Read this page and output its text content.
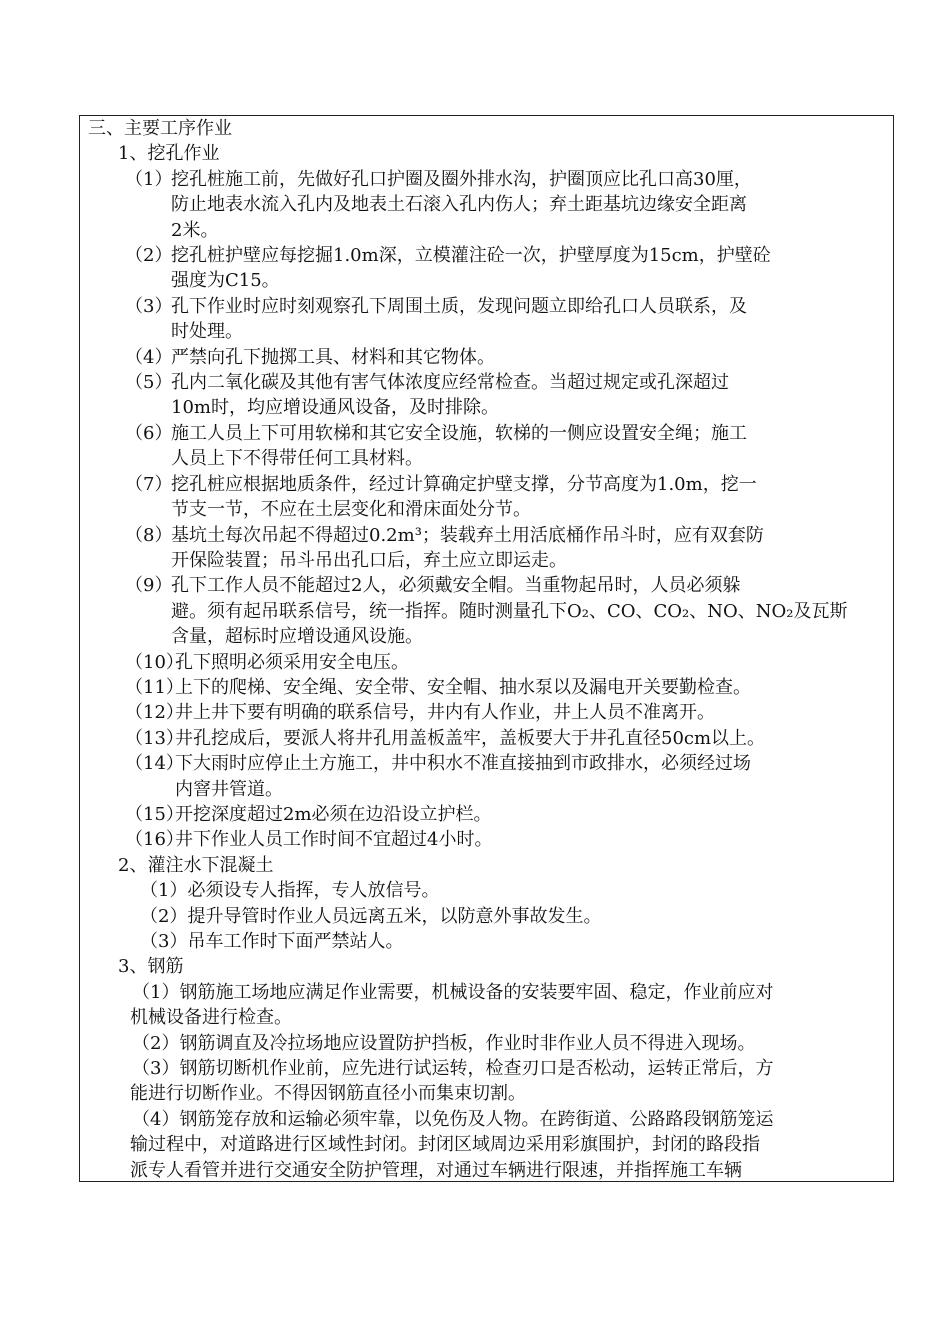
三、主要工序作业
1、挖孔作业
（1）
挖孔桩施工前，先做好孔口护圈及圈外排水沟，护圈顶应比孔口高30厘，
防止地表水流入孔内及地表土石滚入孔内伤人；弃土距基坑边缘安全距离
2米。
（2）
挖孔桩护壁应每挖掘1.0m深，立模灌注砼一次，护壁厚度为15cm，护壁砼
强度为C15。
（3）
孔下作业时应时刻观察孔下周围土质，发现问题立即给孔口人员联系，及
时处理。
（4）
严禁向孔下抛掷工具、材料和其它物体。
（5）
孔内二氧化碳及其他有害气体浓度应经常检查。当超过规定或孔深超过
10m时，均应增设通风设备，及时排除。
（6）
施工人员上下可用软梯和其它安全设施，软梯的一侧应设置安全绳；施工
人员上下不得带任何工具材料。
（7）
挖孔桩应根据地质条件，经过计算确定护壁支撑，分节高度为1.0m，挖一
节支一节，不应在土层变化和滑床面处分节。
（8）
基坑土每次吊起不得超过0.2m³；装载弃土用活底桶作吊斗时，应有双套防
开保险装置；吊斗吊出孔口后，弃土应立即运走。
（9）
孔下工作人员不能超过2人，必须戴安全帽。当重物起吊时，人员必须躲
避。须有起吊联系信号，统一指挥。随时测量孔下O₂、CO、CO₂、NO、NO₂及瓦斯
含量，超标时应增设通风设施。
（10）
孔下照明必须采用安全电压。
（11）
上下的爬梯、安全绳、安全带、安全帽、抽水泵以及漏电开关要勤检查。
（12）
井上井下要有明确的联系信号，井内有人作业，井上人员不准离开。
（13）
井孔挖成后，要派人将井孔用盖板盖牢，盖板要大于井孔直径50cm以上。
（14）
下大雨时应停止土方施工，井中积水不准直接抽到市政排水，必须经过场
内窨井管道。
（15）
开挖深度超过2m必须在边沿设立护栏。
（16）
井下作业人员工作时间不宜超过4小时。
2、灌注水下混凝土
（1）必须设专人指挥，专人放信号。
（2）提升导管时作业人员远离五米，以防意外事故发生。
（3）吊车工作时下面严禁站人。
3、钢筋
（1）钢筋施工场地应满足作业需要，机械设备的安装要牢固、稳定，作业前应对
机械设备进行检查。
（2）钢筋调直及冷拉场地应设置防护挡板，作业时非作业人员不得进入现场。
（3）钢筋切断机作业前，应先进行试运转，检查刃口是否松动，运转正常后，方
能进行切断作业。不得因钢筋直径小而集束切割。
（4）钢筋笼存放和运输必须牢靠，以免伤及人物。在跨街道、公路路段钢筋笼运
输过程中，对道路进行区域性封闭。封闭区域周边采用彩旗围护，封闭的路段指
派专人看管并进行交通安全防护管理，对通过车辆进行限速，并指挥施工车辆
